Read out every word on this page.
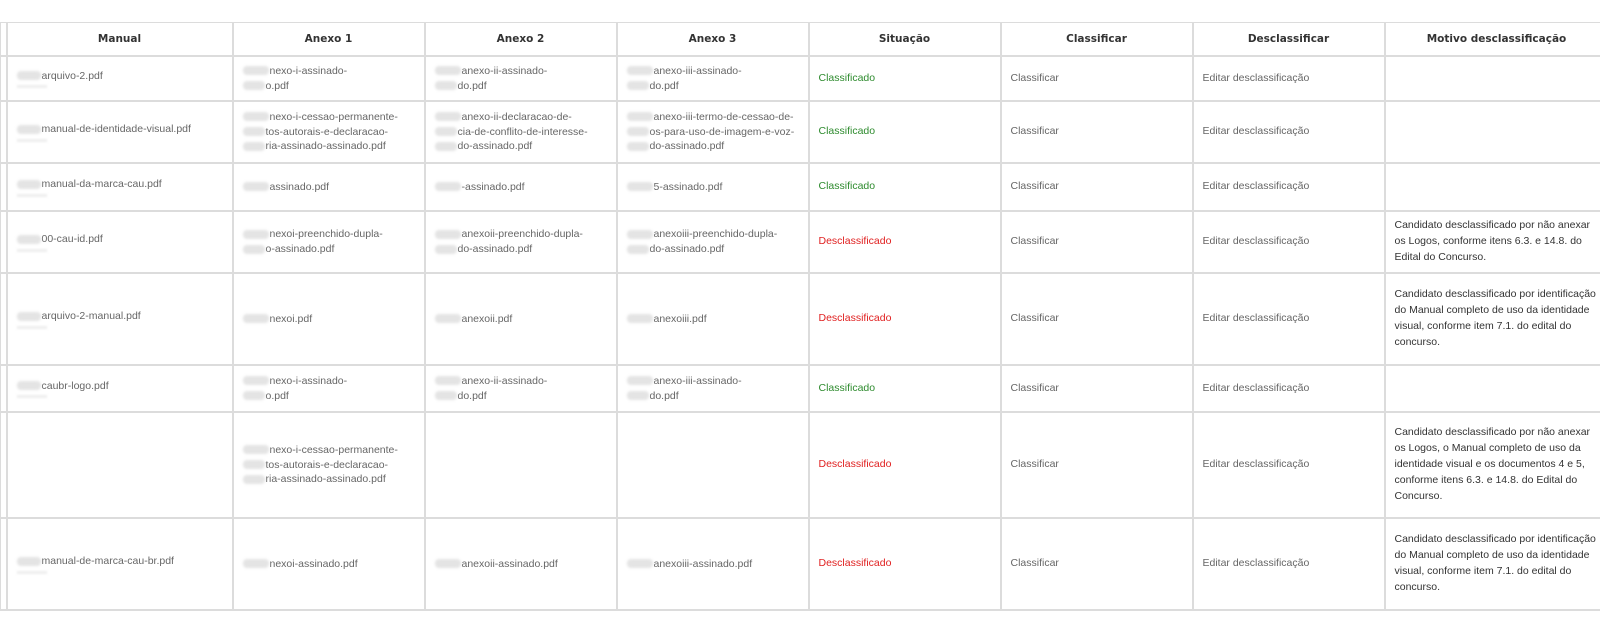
	Manual	Anexo 1	Anexo 2	Anexo 3	Situação	Classificar	Desclassificar	Motivo desclassificação

	arquivo-2.pdf	nexo-i-assinado-
o.pdf	anexo-ii-assinado-
do.pdf	anexo-iii-assinado-
do.pdf	Classificado	Classificar	Editar desclassificação	

	manual-de-identidade-visual.pdf	nexo-i-cessao-permanente-
tos-autorais-e-declaracao-
ria-assinado-assinado.pdf	anexo-ii-declaracao-de-
cia-de-conflito-de-interesse-
do-assinado.pdf	anexo-iii-termo-de-cessao-de-
os-para-uso-de-imagem-e-voz-
do-assinado.pdf	Classificado	Classificar	Editar desclassificação	

	manual-da-marca-cau.pdf	assinado.pdf	-assinado.pdf	5-assinado.pdf	Classificado	Classificar	Editar desclassificação	

	00-cau-id.pdf	nexoi-preenchido-dupla-
o-assinado.pdf	anexoii-preenchido-dupla-
do-assinado.pdf	anexoiii-preenchido-dupla-
do-assinado.pdf	Desclassificado	Classificar	Editar desclassificação	Candidato desclassificado por não anexar os Logos, conforme itens 6.3. e 14.8. do Edital do Concurso.

	arquivo-2-manual.pdf	nexoi.pdf	anexoii.pdf	anexoiii.pdf	Desclassificado	Classificar	Editar desclassificação	Candidato desclassificado por identificação do Manual completo de uso da identidade visual, conforme item 7.1. do edital do concurso.

	caubr-logo.pdf	nexo-i-assinado-
o.pdf	anexo-ii-assinado-
do.pdf	anexo-iii-assinado-
do.pdf	Classificado	Classificar	Editar desclassificação	

		nexo-i-cessao-permanente-
tos-autorais-e-declaracao-
ria-assinado-assinado.pdf			Desclassificado	Classificar	Editar desclassificação	Candidato desclassificado por não anexar os Logos, o Manual completo de uso da identidade visual e os documentos 4 e 5, conforme itens 6.3. e 14.8. do Edital do Concurso.

	manual-de-marca-cau-br.pdf	nexoi-assinado.pdf	anexoii-assinado.pdf	anexoiii-assinado.pdf	Desclassificado	Classificar	Editar desclassificação	Candidato desclassificado por identificação do Manual completo de uso da identidade visual, conforme item 7.1. do edital do concurso.
